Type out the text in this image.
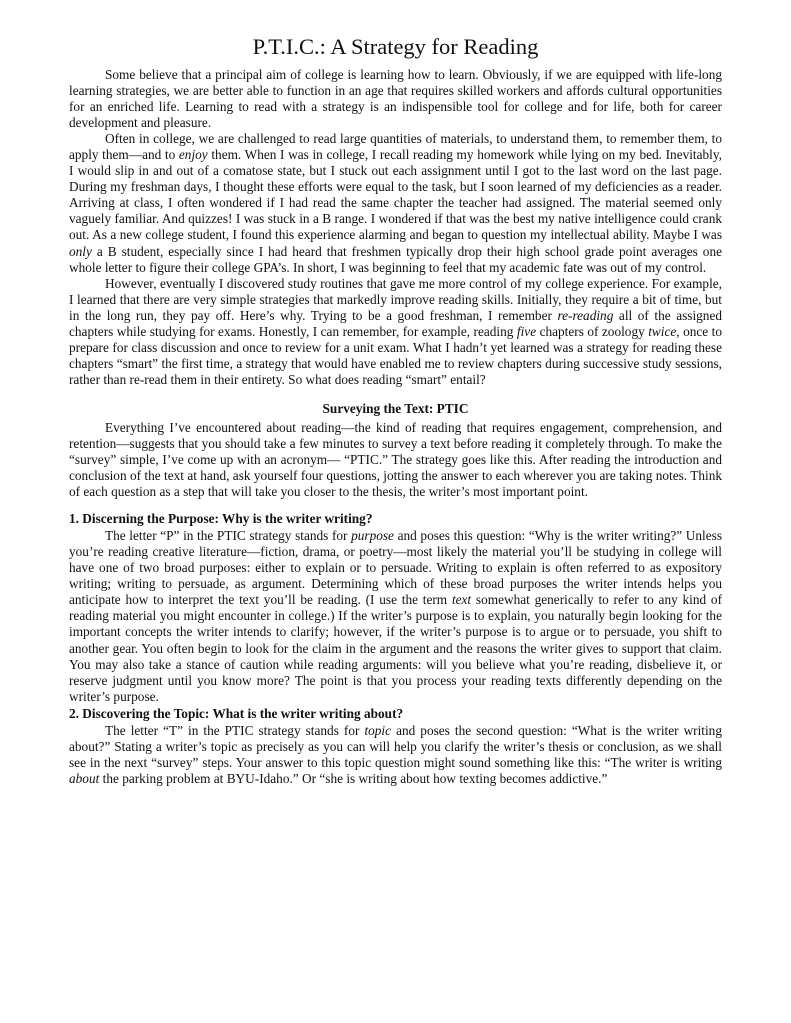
P.T.I.C.: A Strategy for Reading

Some believe that a principal aim of college is learning how to learn. Obviously, if we are equipped with life-long learning strategies, we are better able to function in an age that requires skilled workers and affords cultural opportunities for an enriched life. Learning to read with a strategy is an indispensible tool for college and for life, both for career development and pleasure.

Often in college, we are challenged to read large quantities of materials, to understand them, to remember them, to apply them—and to enjoy them. When I was in college, I recall reading my homework while lying on my bed. Inevitably, I would slip in and out of a comatose state, but I stuck out each assignment until I got to the last word on the last page. During my freshman days, I thought these efforts were equal to the task, but I soon learned of my deficiencies as a reader. Arriving at class, I often wondered if I had read the same chapter the teacher had assigned. The material seemed only vaguely familiar. And quizzes! I was stuck in a B range. I wondered if that was the best my native intelligence could crank out. As a new college student, I found this experience alarming and began to question my intellectual ability. Maybe I was only a B student, especially since I had heard that freshmen typically drop their high school grade point averages one whole letter to figure their college GPA’s. In short, I was beginning to feel that my academic fate was out of my control.

However, eventually I discovered study routines that gave me more control of my college experience. For example, I learned that there are very simple strategies that markedly improve reading skills. Initially, they require a bit of time, but in the long run, they pay off. Here’s why. Trying to be a good freshman, I remember re-reading all of the assigned chapters while studying for exams. Honestly, I can remember, for example, reading five chapters of zoology twice, once to prepare for class discussion and once to review for a unit exam. What I hadn’t yet learned was a strategy for reading these chapters “smart” the first time, a strategy that would have enabled me to review chapters during successive study sessions, rather than re-read them in their entirety. So what does reading “smart” entail?

Surveying the Text: PTIC

Everything I’ve encountered about reading—the kind of reading that requires engagement, comprehension, and retention—suggests that you should take a few minutes to survey a text before reading it completely through. To make the “survey” simple, I’ve come up with an acronym— “PTIC.” The strategy goes like this. After reading the introduction and conclusion of the text at hand, ask yourself four questions, jotting the answer to each wherever you are taking notes. Think of each question as a step that will take you closer to the thesis, the writer’s most important point.

1. Discerning the Purpose: Why is the writer writing?

The letter “P” in the PTIC strategy stands for purpose and poses this question: “Why is the writer writing?” Unless you’re reading creative literature—fiction, drama, or poetry—most likely the material you’ll be studying in college will have one of two broad purposes: either to explain or to persuade. Writing to explain is often referred to as expository writing; writing to persuade, as argument. Determining which of these broad purposes the writer intends helps you anticipate how to interpret the text you’ll be reading. (I use the term text somewhat generically to refer to any kind of reading material you might encounter in college.) If the writer’s purpose is to explain, you naturally begin looking for the important concepts the writer intends to clarify; however, if the writer’s purpose is to argue or to persuade, you shift to another gear. You often begin to look for the claim in the argument and the reasons the writer gives to support that claim. You may also take a stance of caution while reading arguments: will you believe what you’re reading, disbelieve it, or reserve judgment until you know more? The point is that you process your reading texts differently depending on the writer’s purpose.

2. Discovering the Topic: What is the writer writing about?

The letter “T” in the PTIC strategy stands for topic and poses the second question: “What is the writer writing about?” Stating a writer’s topic as precisely as you can will help you clarify the writer’s thesis or conclusion, as we shall see in the next “survey” steps. Your answer to this topic question might sound something like this: “The writer is writing about the parking problem at BYU-Idaho.” Or “she is writing about how texting becomes addictive.”
